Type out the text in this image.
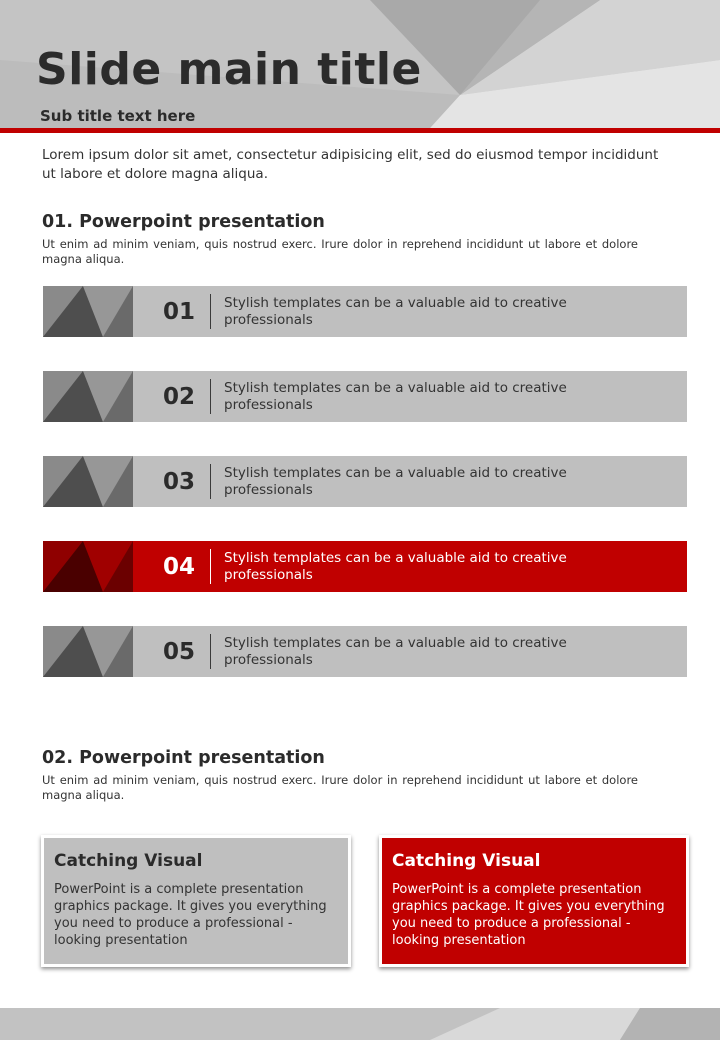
Slide main title
Sub title text here
Lorem ipsum dolor sit amet, consectetur adipisicing elit, sed do eiusmod tempor incididunt ut labore et dolore magna aliqua.
01. Powerpoint presentation
Ut enim ad minim veniam, quis nostrud exerc. Irure dolor in reprehend incididunt ut labore et dolore magna aliqua.
01 Stylish templates can be a valuable aid to creative professionals
02 Stylish templates can be a valuable aid to creative professionals
03 Stylish templates can be a valuable aid to creative professionals
04 Stylish templates can be a valuable aid to creative professionals
05 Stylish templates can be a valuable aid to creative professionals
02. Powerpoint presentation
Ut enim ad minim veniam, quis nostrud exerc. Irure dolor in reprehend incididunt ut labore et dolore magna aliqua.
Catching Visual
PowerPoint is a complete presentation graphics package. It gives you everything you need to produce a professional - looking presentation
Catching Visual
PowerPoint is a complete presentation graphics package. It gives you everything you need to produce a professional - looking presentation
